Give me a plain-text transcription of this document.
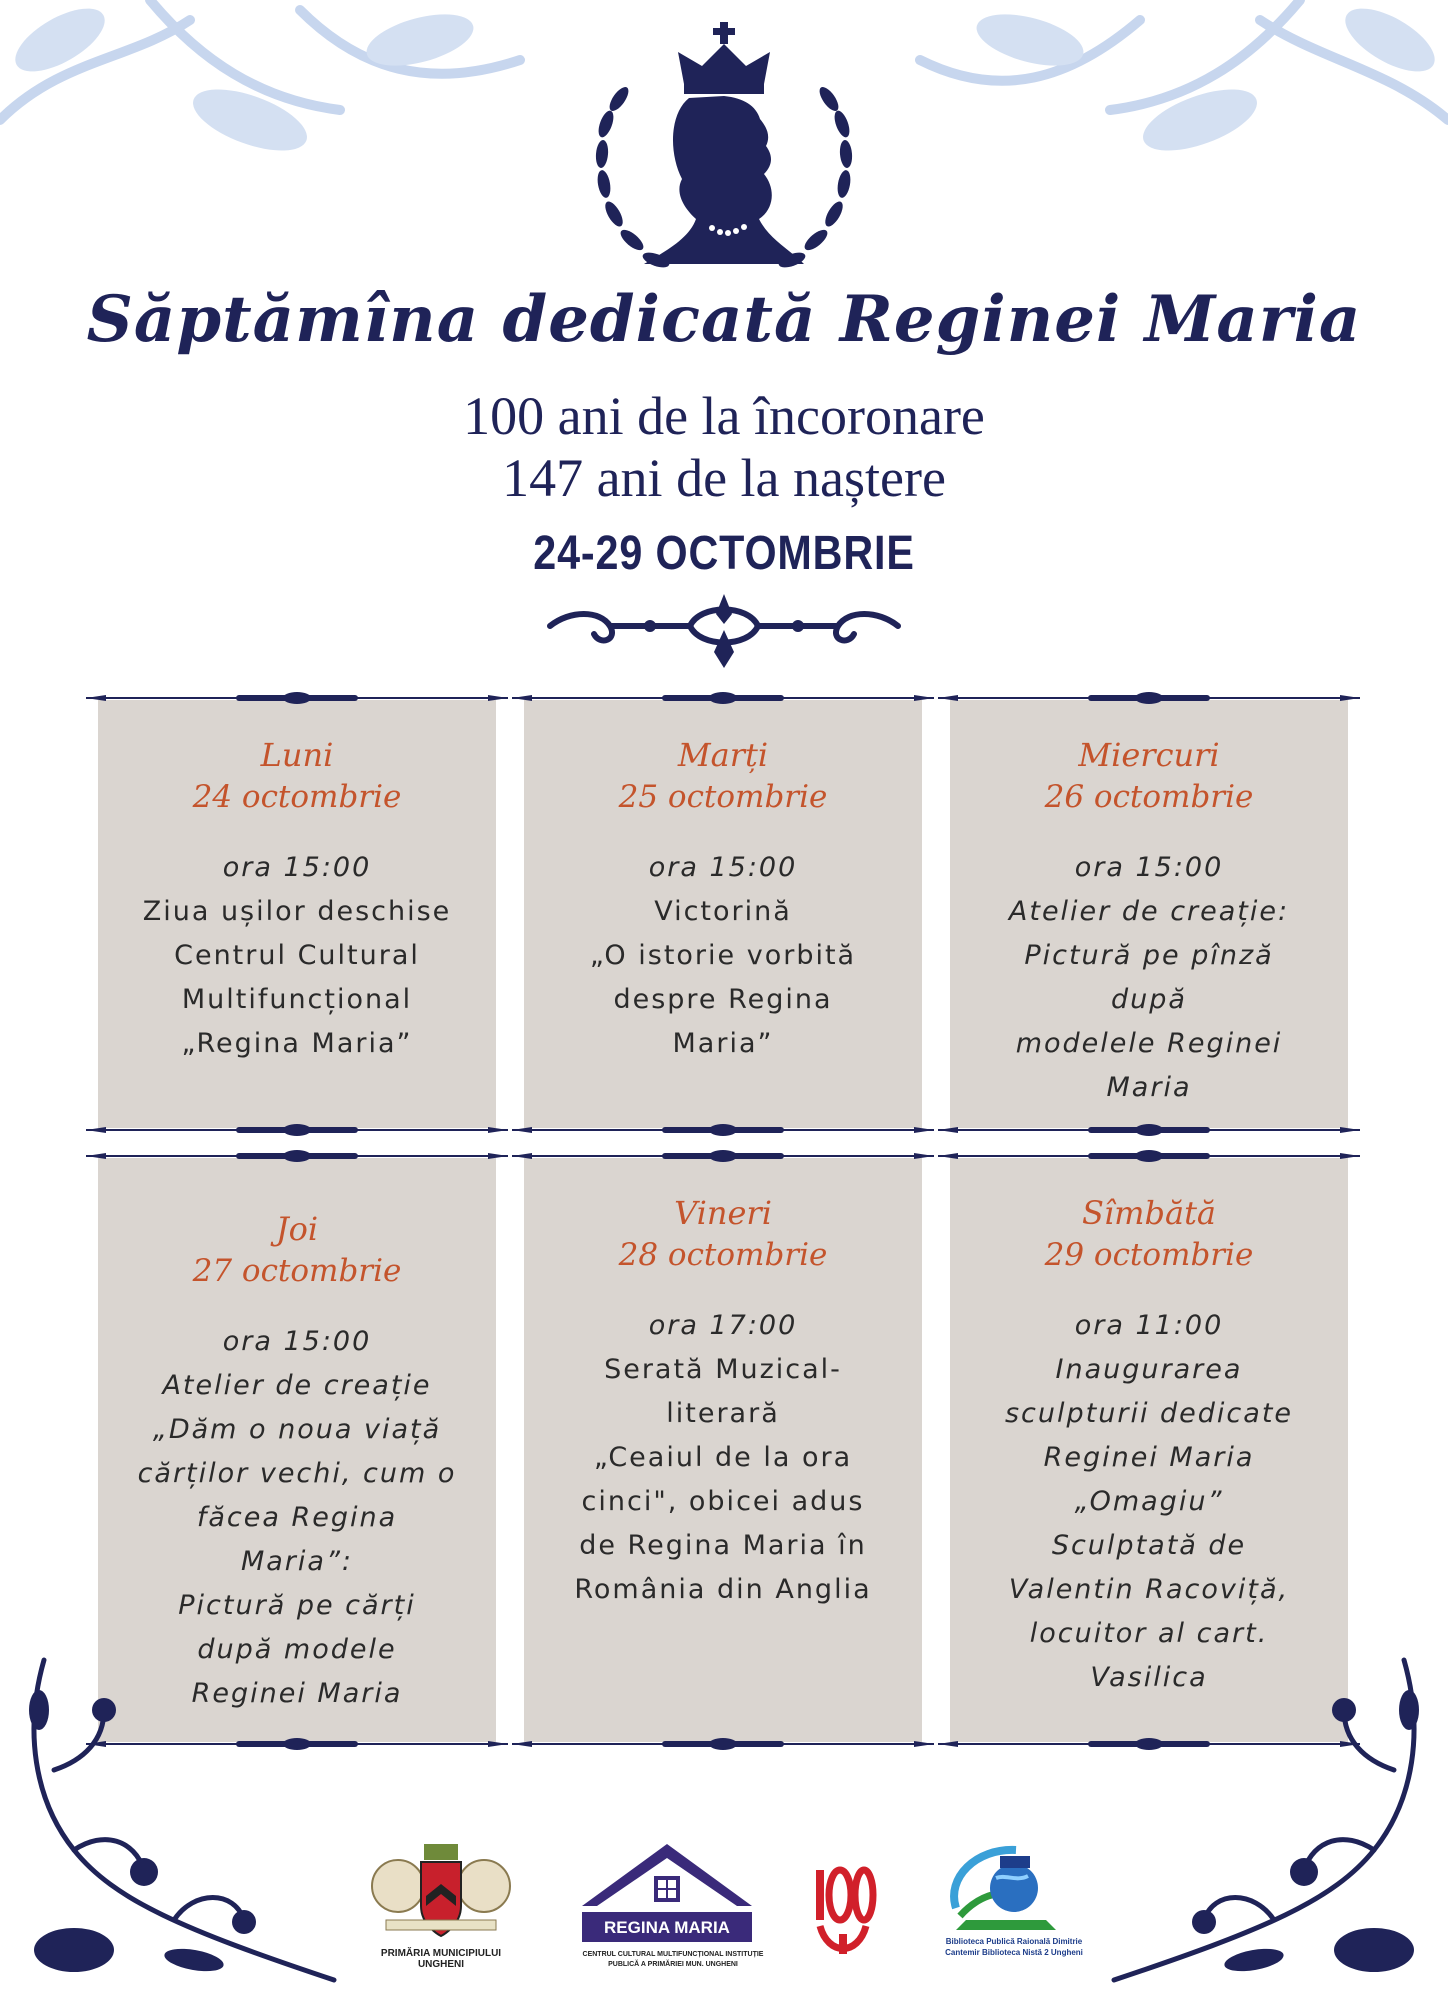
Săptămîna dedicată Reginei Maria
100 ani de la încoronare
147 ani de la naștere
24-29 OCTOMBRIE
Luni
24 octombrie
ora 15:00
Ziua ușilor deschise
Centrul Cultural
Multifuncțional
„Regina Maria”
Marți
25 octombrie
ora 15:00
Victorină
„O istorie vorbită
despre Regina
Maria”
Miercuri
26 octombrie
ora 15:00
Atelier de creație:
Pictură pe pînză
după
modelele Reginei
Maria
Joi
27 octombrie
ora 15:00
Atelier de creație
„Dăm o noua viață
cărților vechi, cum o
făcea Regina
Maria”:
Pictură pe cărți
după modele
Reginei Maria
Vineri
28 octombrie
ora 17:00
Serată Muzical-
literară
„Ceaiul de la ora
cinci", obicei adus
de Regina Maria în
România din Anglia
Sîmbătă
29 octombrie
ora 11:00
Inaugurarea
sculpturii dedicate
Reginei Maria
„Omagiu”
Sculptată de
Valentin Racoviță,
locuitor al cart.
Vasilica
PRIMĂRIA MUNICIPIULUI UNGHENI
REGINA MARIA
CENTRUL CULTURAL MULTIFUNCȚIONAL INSTITUȚIE PUBLICĂ A PRIMĂRIEI MUN. UNGHENI
Biblioteca Publică Raională Dimitrie Cantemir Biblioteca Nistă 2 Ungheni
